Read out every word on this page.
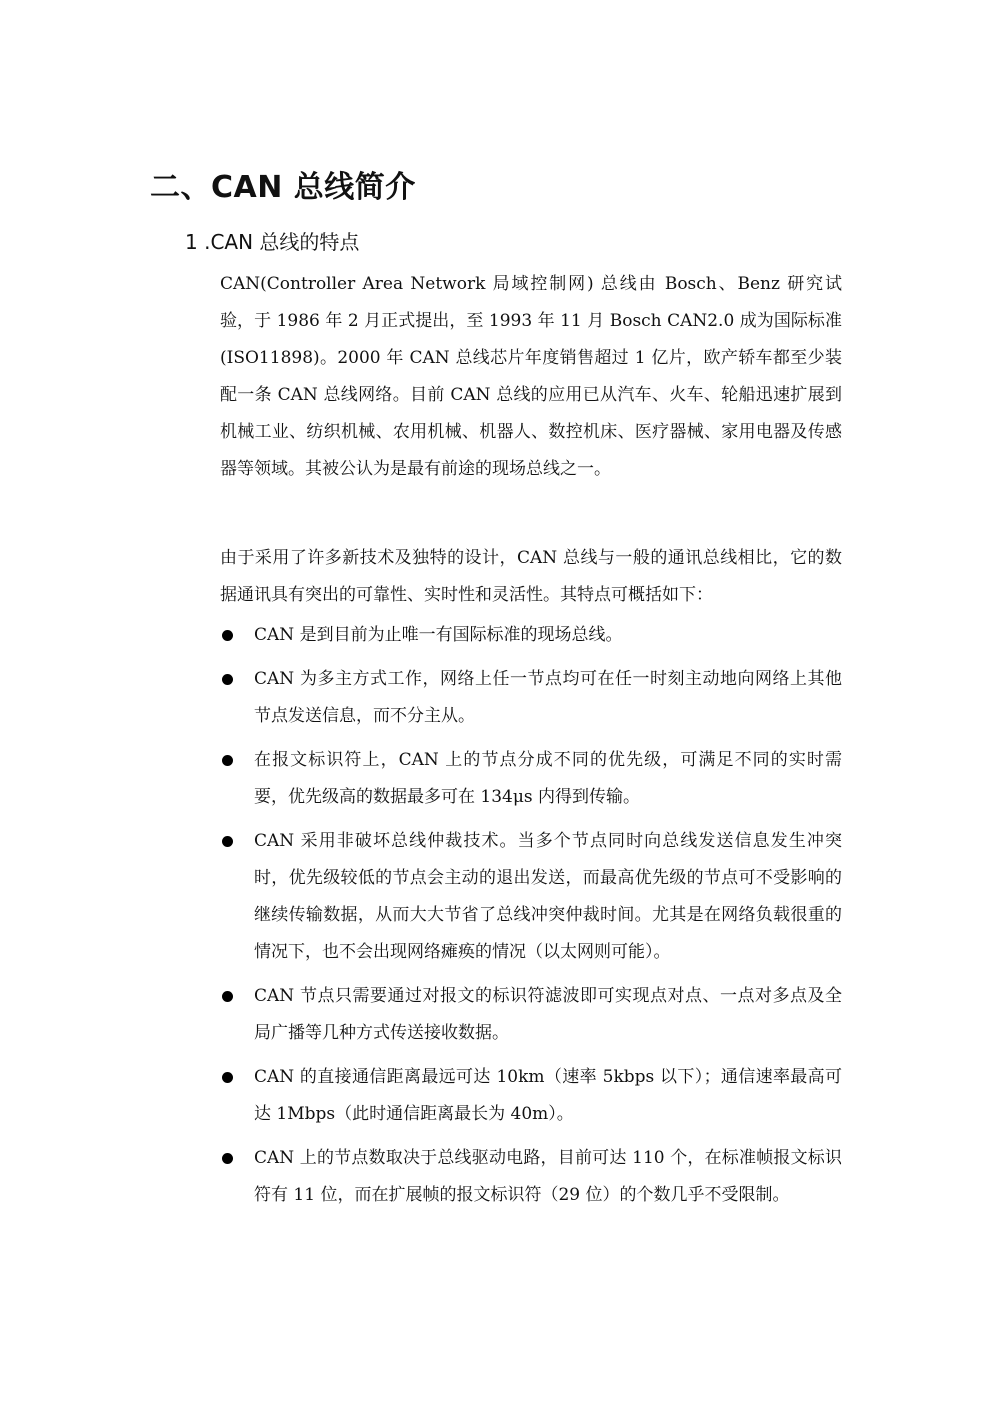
二、CAN 总线简介
1 .CAN 总线的特点

CAN(Controller Area Network 局域控制网) 总线由 Bosch、Benz 研究试验，于 1986 年 2 月正式提出，至 1993 年 11 月 Bosch CAN2.0 成为国际标准(ISO11898)。2000 年 CAN 总线芯片年度销售超过 1 亿片，欧产轿车都至少装配一条 CAN 总线网络。目前 CAN 总线的应用已从汽车、火车、轮船迅速扩展到机械工业、纺织机械、农用机械、机器人、数控机床、医疗器械、家用电器及传感器等领域。其被公认为是最有前途的现场总线之一。

由于采用了许多新技术及独特的设计，CAN 总线与一般的通讯总线相比，它的数据通讯具有突出的可靠性、实时性和灵活性。其特点可概括如下：

CAN 是到目前为止唯一有国际标准的现场总线。
CAN 为多主方式工作，网络上任一节点均可在任一时刻主动地向网络上其他节点发送信息，而不分主从。
在报文标识符上，CAN 上的节点分成不同的优先级，可满足不同的实时需要，优先级高的数据最多可在 134μs 内得到传输。
CAN 采用非破坏总线仲裁技术。当多个节点同时向总线发送信息发生冲突时，优先级较低的节点会主动的退出发送，而最高优先级的节点可不受影响的继续传输数据，从而大大节省了总线冲突仲裁时间。尤其是在网络负载很重的情况下，也不会出现网络瘫痪的情况（以太网则可能）。
CAN 节点只需要通过对报文的标识符滤波即可实现点对点、一点对多点及全局广播等几种方式传送接收数据。
CAN 的直接通信距离最远可达 10km（速率 5kbps 以下）；通信速率最高可达 1Mbps（此时通信距离最长为 40m）。
CAN 上的节点数取决于总线驱动电路，目前可达 110 个，在标准帧报文标识符有 11 位，而在扩展帧的报文标识符（29 位）的个数几乎不受限制。
